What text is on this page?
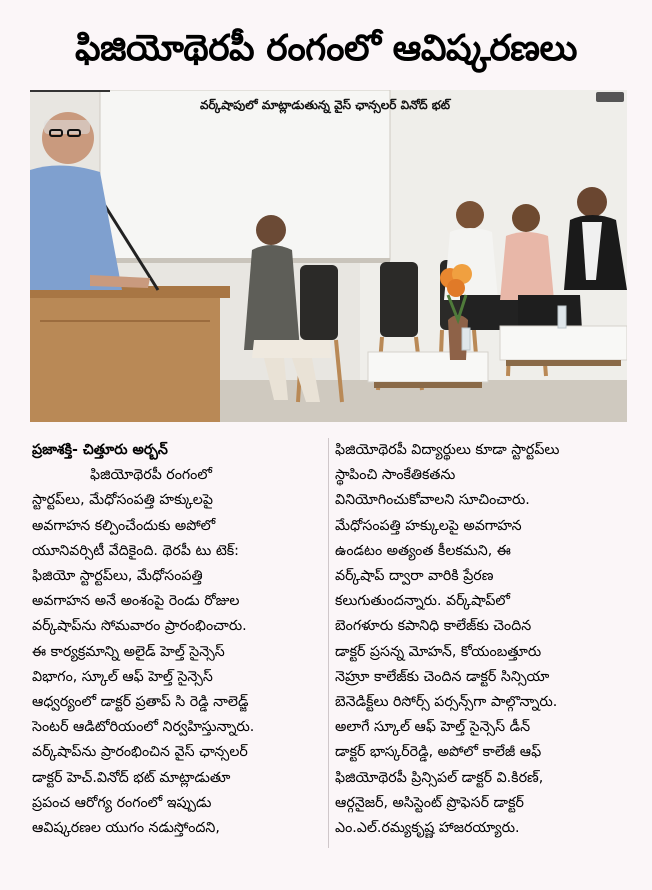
ఫిజియోథెరపీ రంగంలో ఆవిష్కరణలు
వర్క్‌షాపులో మాట్లాడుతున్న వైస్ ఛాన్సలర్ వినోద్ భట్
ప్రజాశక్తి- చిత్తూరు అర్బన్
ఫిజియోథెరపీ రంగంలో
స్టార్టప్‌లు, మేధోసంపత్తి హక్కులపై
అవగాహన కల్పించేందుకు అపోలో
యూనివర్సిటీ వేదికైంది. థెరపీ టు టెక్:
ఫిజియో స్టార్టప్‌లు, మేధోసంపత్తి
అవగాహన అనే అంశంపై రెండు రోజుల
వర్క్‌షాప్‌ను సోమవారం ప్రారంభించారు.
ఈ కార్యక్రమాన్ని అలైడ్ హెల్త్ సైన్సెస్
విభాగం, స్కూల్ ఆఫ్ హెల్త్ సైన్సెస్
ఆధ్వర్యంలో డాక్టర్ ప్రతాప్ సి రెడ్డి నాలెడ్జ్
సెంటర్ ఆడిటోరియంలో నిర్వహిస్తున్నారు.
వర్క్‌షాప్‌ను ప్రారంభించిన వైస్ ఛాన్సలర్
డాక్టర్ హెచ్.వినోద్ భట్ మాట్లాడుతూ
ప్రపంచ ఆరోగ్య రంగంలో ఇప్పుడు
ఆవిష్కరణల యుగం నడుస్తోందని,
ఫిజియోథెరపీ విద్యార్థులు కూడా స్టార్టప్‌లు
స్థాపించి సాంకేతికతను
వినియోగించుకోవాలని సూచించారు.
మేధోసంపత్తి హక్కులపై అవగాహన
ఉండటం అత్యంత కీలకమని, ఈ
వర్క్‌షాప్ ద్వారా వారికి ప్రేరణ
కలుగుతుందన్నారు. వర్క్‌షాప్‌లో
బెంగళూరు కపానిధి కాలేజ్‌కు చెందిన
డాక్టర్ ప్రసన్న మోహన్, కోయంబత్తూరు
నెహ్రూ కాలేజ్‌కు చెందిన డాక్టర్ సిన్సియా
బెనెడిక్ట్‌లు రిసోర్స్ పర్సన్స్‌గా పాల్గొన్నారు.
అలాగే స్కూల్ ఆఫ్ హెల్త్ సైన్సెస్ డీన్
డాక్టర్ భాస్కర్‌రెడ్డి, అపోలో కాలేజీ ఆఫ్
ఫిజియోథెరపీ ప్రిన్సిపల్ డాక్టర్ వి.కిరణ్,
ఆర్గనైజర్, అసిస్టెంట్ ప్రొఫెసర్ డాక్టర్
ఎం.ఎల్.రమ్యకృష్ణ హాజరయ్యారు.
